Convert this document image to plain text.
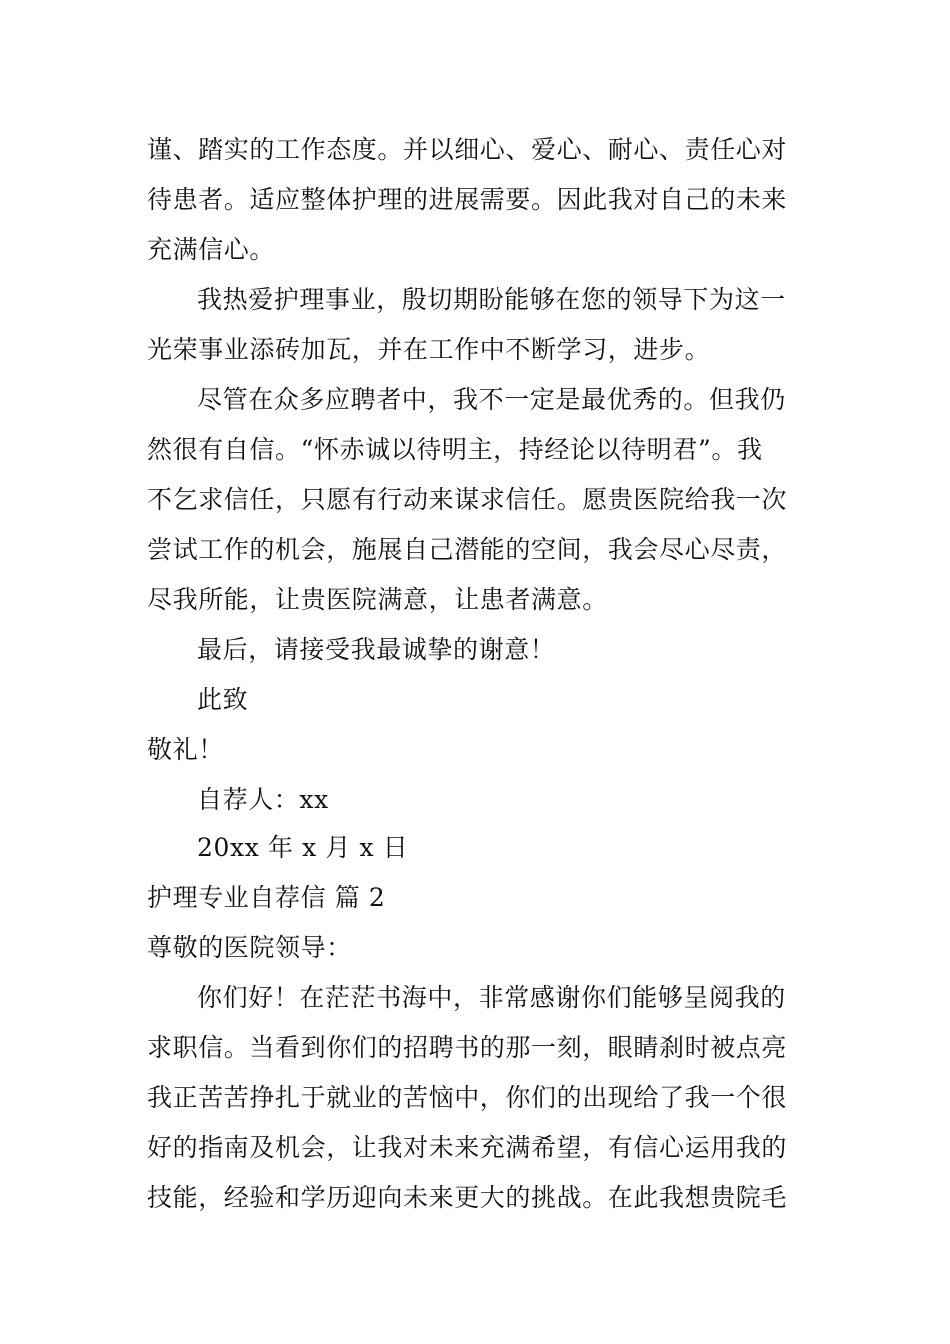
谨、踏实的工作态度。并以细心、爱心、耐心、责任心对
待患者。适应整体护理的进展需要。因此我对自己的未来
充满信心。
我热爱护理事业，殷切期盼能够在您的领导下为这一
光荣事业添砖加瓦，并在工作中不断学习，进步。
尽管在众多应聘者中，我不一定是最优秀的。但我仍
然很有自信。“怀赤诚以待明主，持经论以待明君”。我
不乞求信任，只愿有行动来谋求信任。愿贵医院给我一次
尝试工作的机会，施展自己潜能的空间，我会尽心尽责，
尽我所能，让贵医院满意，让患者满意。
最后，请接受我最诚挚的谢意！
此致
敬礼！
自荐人：xx
20xx 年 x 月 x 日
护理专业自荐信 篇 2
尊敬的医院领导：
你们好！在茫茫书海中，非常感谢你们能够呈阅我的
求职信。当看到你们的招聘书的那一刻，眼睛刹时被点亮
我正苦苦挣扎于就业的苦恼中，你们的出现给了我一个很
好的指南及机会，让我对未来充满希望，有信心运用我的
技能，经验和学历迎向未来更大的挑战。在此我想贵院毛
